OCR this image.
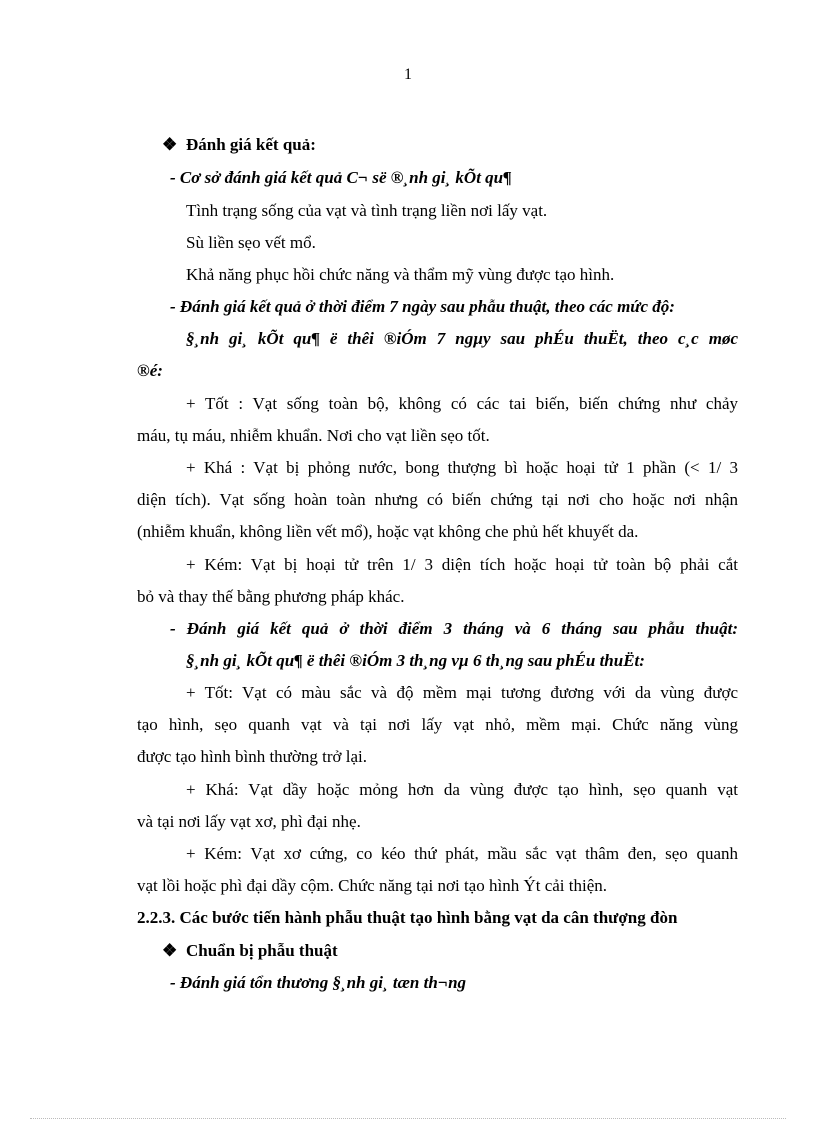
1
❖ Đánh giá kết quả:
- Cơ sở đánh giá kết quả C¬ së ®¸nh gi¸ kÕt qu¶
Tình trạng sống của vạt và tình trạng liền nơi lấy vạt.
Sù liền sẹo vết mổ.
Khả năng phục hồi chức năng và thẩm mỹ vùng được tạo hình.
- Đánh giá kết quả ở thời điểm 7 ngày sau phẫu thuật, theo các mức độ:
§¸nh gi¸ kÕt qu¶ ë thêi ®iÓm 7 ngµy sau phÉu thuËt, theo c¸c møc
®é:
+ Tốt : Vạt sống toàn bộ, không có các tai biến, biến chứng như chảy
máu, tụ máu, nhiễm khuẩn. Nơi cho vạt liền sẹo tốt.
+ Khá : Vạt bị phỏng nước, bong thượng bì hoặc hoại tử 1 phần (< 1/ 3
diện tích). Vạt sống hoàn toàn nhưng có biến chứng tại nơi cho hoặc nơi nhận
(nhiễm khuẩn, không liền vết mổ), hoặc vạt không che phủ hết khuyết da.
+ Kém: Vạt bị hoại tử trên 1/ 3 diện tích hoặc hoại tử toàn bộ phải cắt
bỏ và thay thế bằng phương pháp khác.
- Đánh giá kết quả ở thời điểm 3 tháng và 6 tháng sau phẫu thuật:
§¸nh gi¸ kÕt qu¶ ë thêi ®iÓm 3 th¸ng vµ 6 th¸ng sau phÉu thuËt:
+ Tốt: Vạt có màu sắc và độ mềm mại tương đương với da vùng được
tạo hình, sẹo quanh vạt và tại nơi lấy vạt nhỏ, mềm mại. Chức năng vùng
được tạo hình bình thường trở lại.
+ Khá: Vạt dầy hoặc mỏng hơn da vùng được tạo hình, sẹo quanh vạt
và tại nơi lấy vạt xơ, phì đại nhẹ.
+ Kém: Vạt xơ cứng, co kéo thứ phát, mầu sắc vạt thâm đen, sẹo quanh
vạt lồi hoặc phì đại dầy cộm. Chức năng tại nơi tạo hình Ýt cải thiện.
2.2.3. Các bước tiến hành phẫu thuật tạo hình bằng vạt da cân thượng đòn
❖ Chuẩn bị phẫu thuật
- Đánh giá tổn thương §¸nh gi¸ tæn th¬ng
